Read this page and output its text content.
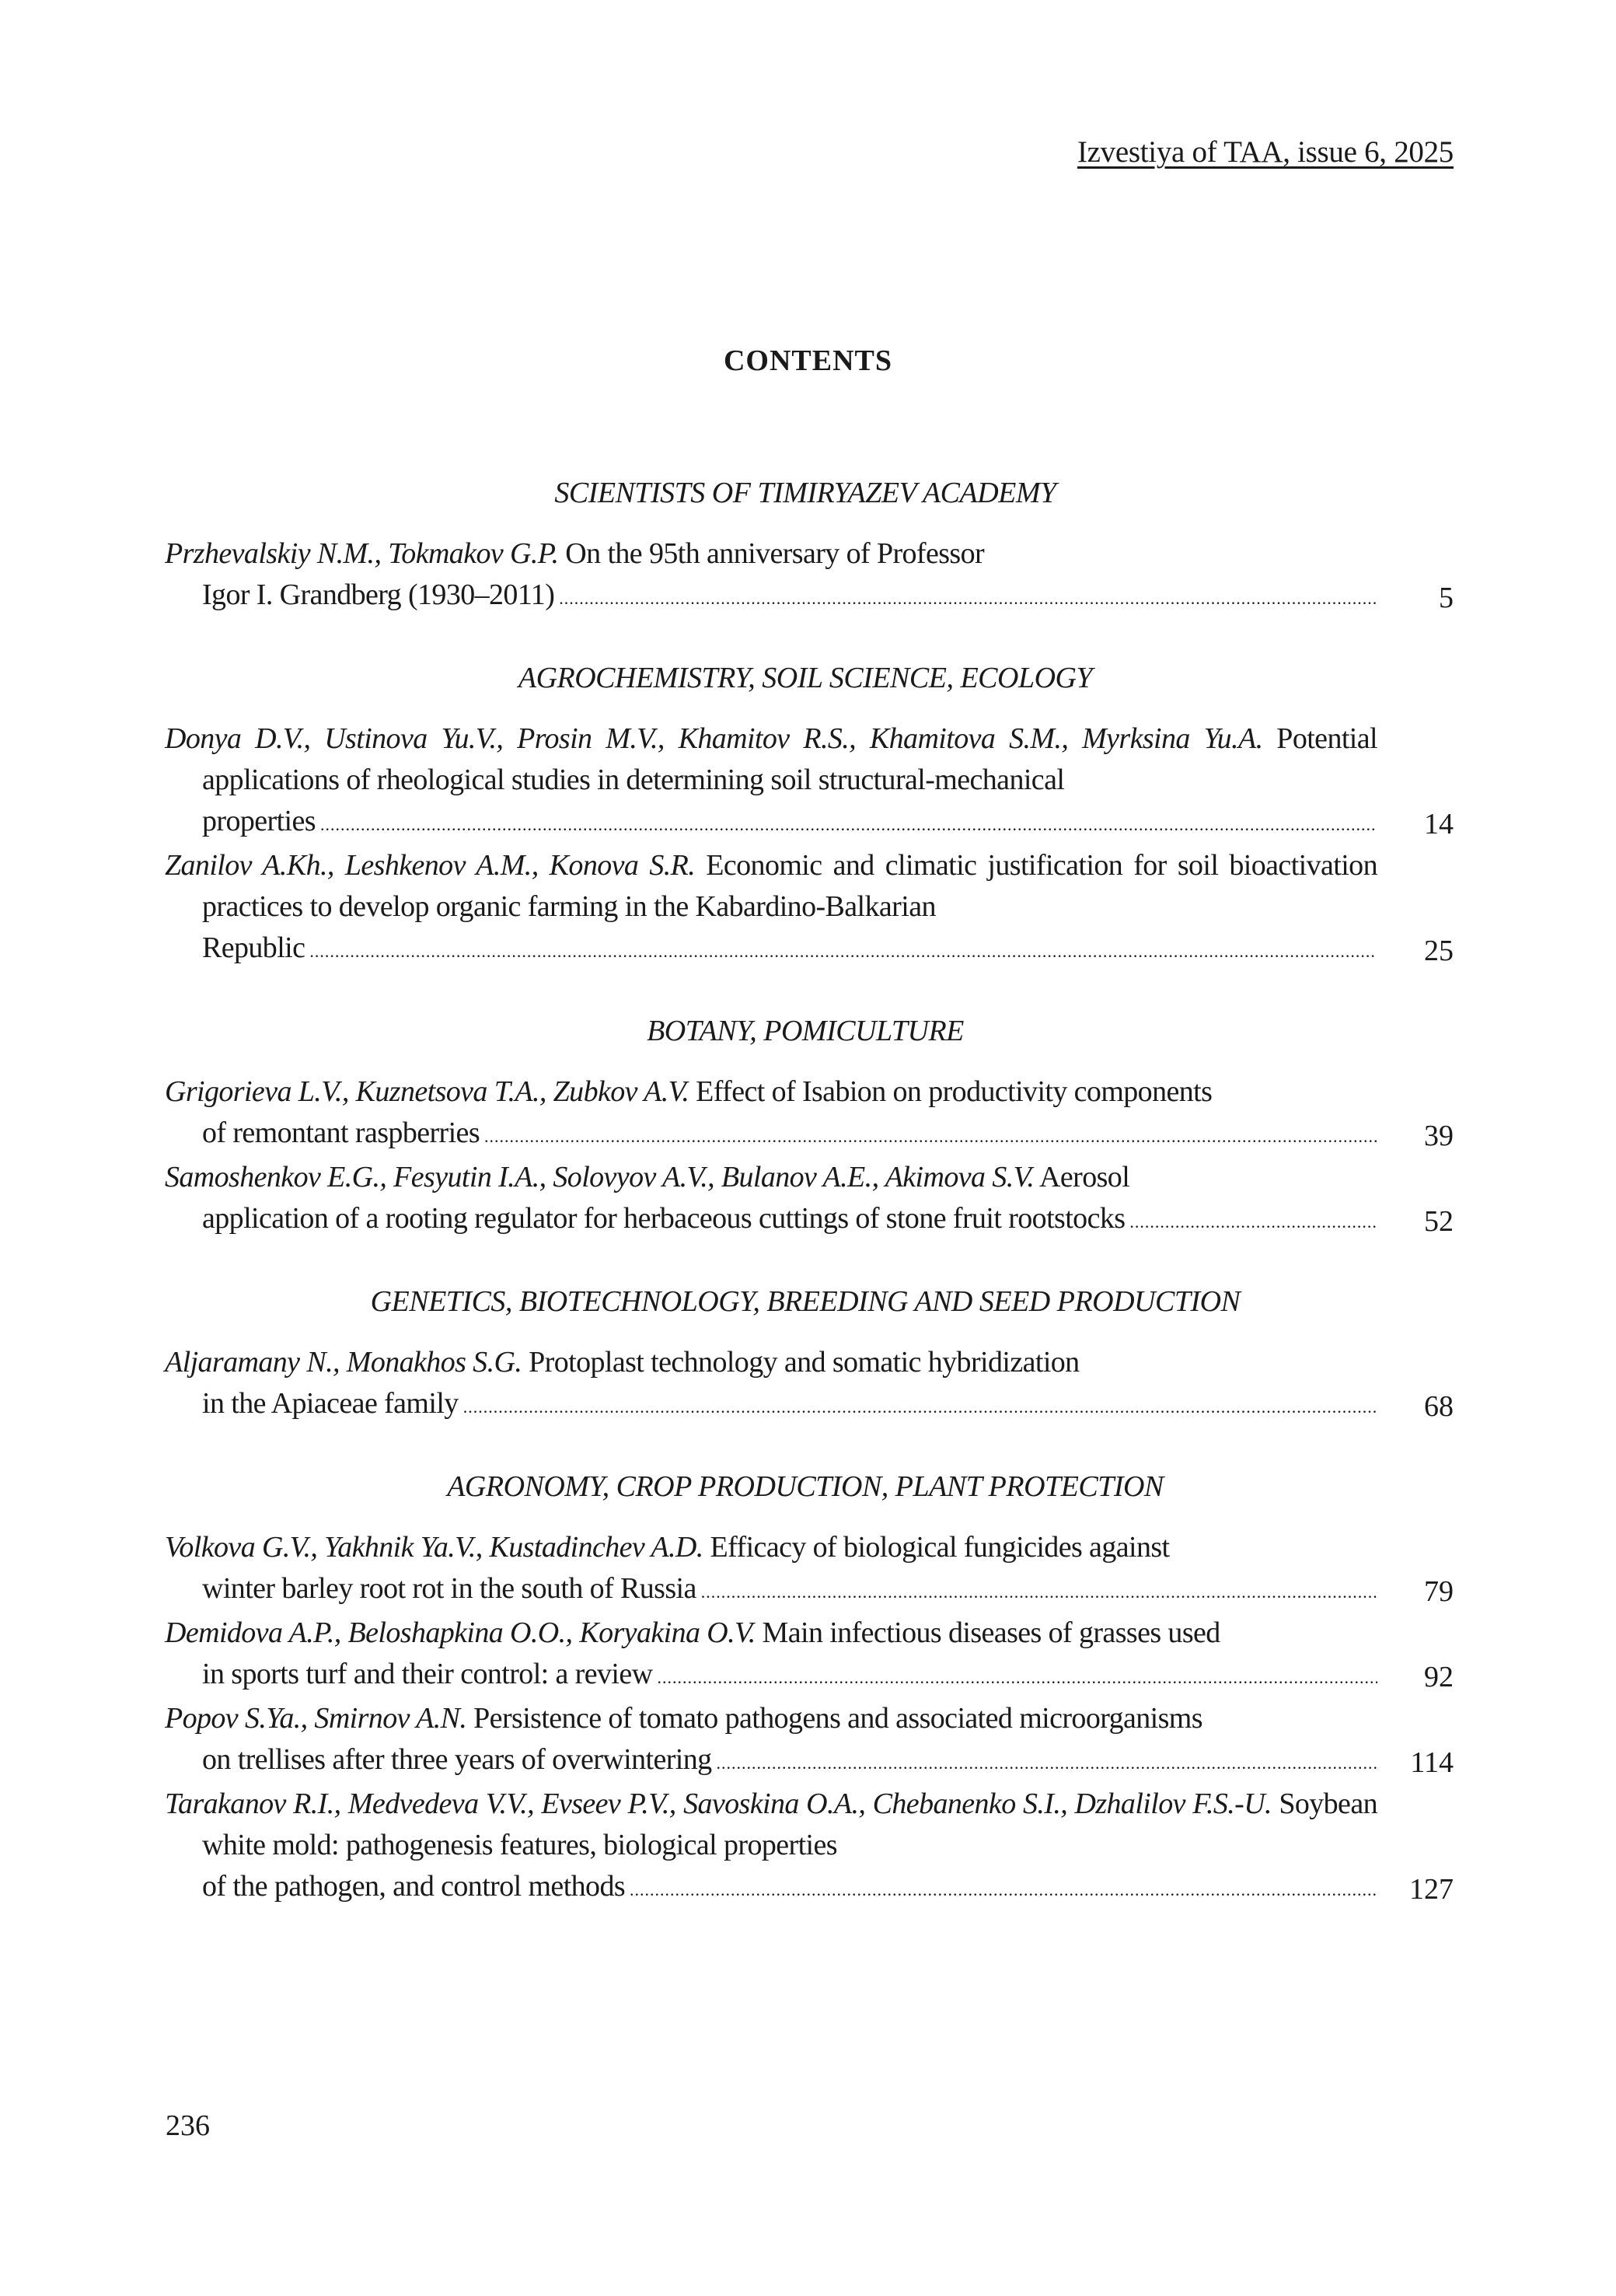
Izvestiya of TAA, issue 6, 2025
CONTENTS
SCIENTISTS OF TIMIRYAZEV ACADEMY
Przhevalskiy N.M., Tokmakov G.P. On the 95th anniversary of Professor
Igor I. Grandberg (1930–2011) .....	5
AGROCHEMISTRY, SOIL SCIENCE, ECOLOGY
Donya D.V., Ustinova Yu.V., Prosin M.V., Khamitov R.S., Khamitova S.M., Myrksina Yu.A. Potential applications of rheological studies in determining soil structural-mechanical
properties .....	14
Zanilov A.Kh., Leshkenov A.M., Konova S.R. Economic and climatic justification for soil bioactivation practices to develop organic farming in the Kabardino-Balkarian
Republic .....	25
BOTANY, POMICULTURE
Grigorieva L.V., Kuznetsova T.A., Zubkov A.V. Effect of Isabion on productivity components
of remontant raspberries .....	39
Samoshenkov E.G., Fesyutin I.A., Solovyov A.V., Bulanov A.E., Akimova S.V. Aerosol
application of a rooting regulator for herbaceous cuttings of stone fruit rootstocks .....	52
GENETICS, BIOTECHNOLOGY, BREEDING AND SEED PRODUCTION
Aljaramany N., Monakhos S.G. Protoplast technology and somatic hybridization
in the Apiaceae family .....	68
AGRONOMY, CROP PRODUCTION, PLANT PROTECTION
Volkova G.V., Yakhnik Ya.V., Kustadinchev A.D. Efficacy of biological fungicides against
winter barley root rot in the south of Russia .....	79
Demidova A.P., Beloshapkina O.O., Koryakina O.V. Main infectious diseases of grasses used
in sports turf and their control: a review .....	92
Popov S.Ya., Smirnov A.N. Persistence of tomato pathogens and associated microorganisms
on trellises after three years of overwintering .....	114
Tarakanov R.I., Medvedeva V.V., Evseev P.V., Savoskina O.A., Chebanenko S.I., Dzhalilov F.S.-U. Soybean white mold: pathogenesis features, biological properties
of the pathogen, and control methods .....	127
236
